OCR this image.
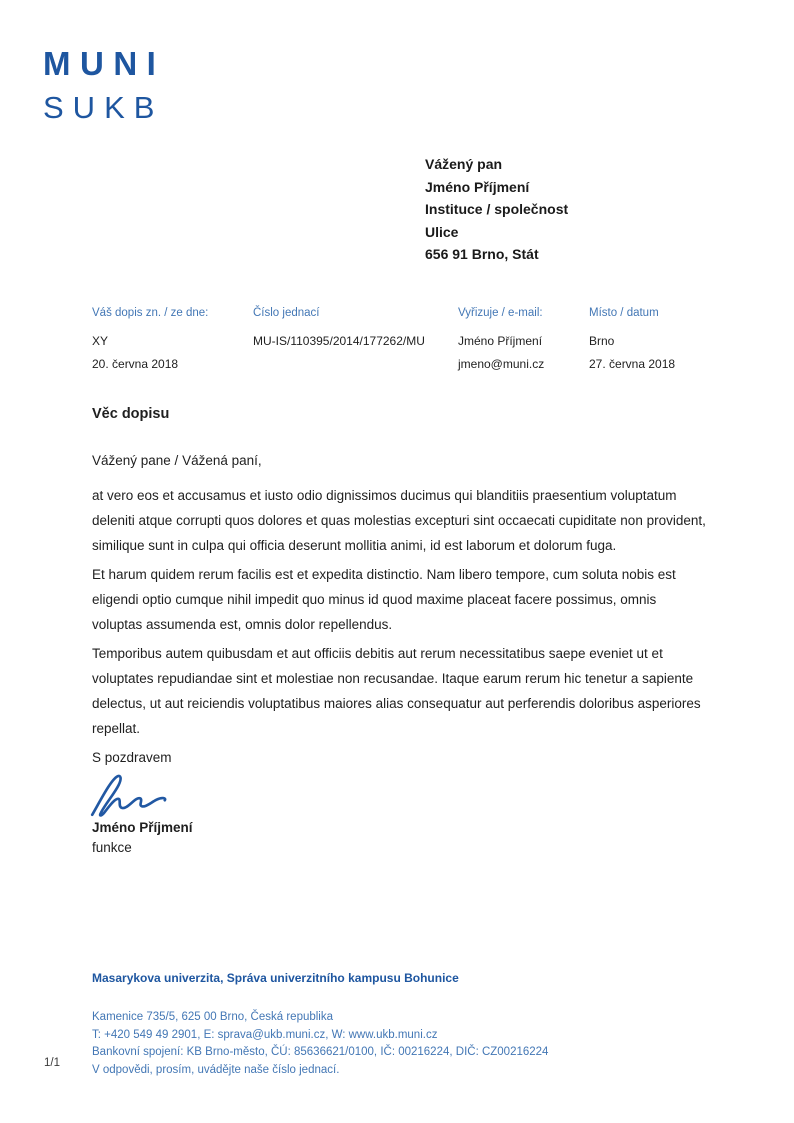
MUNI
SUKB
Vážený pan
Jméno Příjmení
Instituce / společnost
Ulice
656 91 Brno, Stát
Váš dopis zn. / ze dne:
XY
20. června 2018
Číslo jednací
MU-IS/110395/2014/177262/MU
Vyřizuje / e-mail:
Jméno Příjmení
jmeno@muni.cz
Místo / datum
Brno
27. června 2018
Věc dopisu

Vážený pane / Vážená paní,

at vero eos et accusamus et iusto odio dignissimos ducimus qui blanditiis praesentium voluptatum deleniti atque corrupti quos dolores et quas molestias excepturi sint occaecati cupiditate non provident, similique sunt in culpa qui officia deserunt mollitia animi, id est laborum et dolorum fuga.

Et harum quidem rerum facilis est et expedita distinctio. Nam libero tempore, cum soluta nobis est eligendi optio cumque nihil impedit quo minus id quod maxime placeat facere possimus, omnis voluptas assumenda est, omnis dolor repellendus.

Temporibus autem quibusdam et aut officiis debitis aut rerum necessitatibus saepe eveniet ut et voluptates repudiandae sint et molestiae non recusandae. Itaque earum rerum hic tenetur a sapiente delectus, ut aut reiciendis voluptatibus maiores alias consequatur aut perferendis doloribus asperiores repellat.

S pozdravem

Jméno Příjmení
funkce
Masarykova univerzita, Správa univerzitního kampusu Bohunice
Kamenice 735/5, 625 00 Brno, Česká republika
T: +420 549 49 2901, E: sprava@ukb.muni.cz, W: www.ukb.muni.cz
Bankovní spojení: KB Brno-město, ČÚ: 85636621/0100, IČ: 00216224, DIČ: CZ00216224
V odpovědi, prosím, uvádějte naše číslo jednací.
1/1
